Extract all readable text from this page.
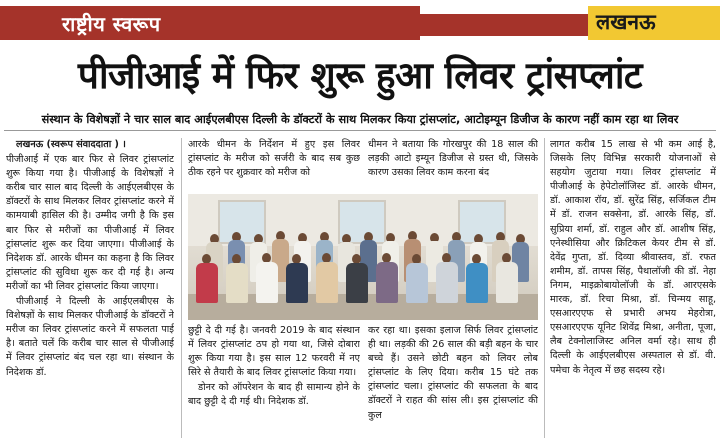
राष्ट्रीय स्वरूप	लखनऊ
पीजीआई में फिर शुरू हुआ लिवर ट्रांसप्लांट
संस्थान के विशेषज्ञों ने चार साल बाद आईएलबीएस दिल्ली के डॉक्टरों के साथ मिलकर किया ट्रांसप्लांट, आटोइम्यून डिजीज के कारण नहीं काम रहा था लिवर

लखनऊ (स्वरूप संवाददाता ) ।

पीजीआई में एक बार फिर से लिवर ट्रांसप्लांट शुरू किया गया है। पीजीआई के विशेषज्ञों ने करीब चार साल बाद दिल्ली के आईएलबीएस के डॉक्टरों के साथ मिलकर लिवर ट्रांसप्लांट करने में कामयाबी हासिल की है। उम्मीद जगी है कि इस बार फिर से मरीजों का पीजीआई में लिवर ट्रांसप्लांट शुरू कर दिया जाएगा। पीजीआई के निदेशक डॉ. आरके धीमन का कहना है कि लिवर ट्रांसप्लांट की सुविधा शुरू कर दी गई है। अन्य मरीजों का भी लिवर ट्रांसप्लांट किया जाएगा।

पीजीआई ने दिल्ली के आईएलबीएस के विशेषज्ञों के साथ मिलकर पीजीआई के डॉक्टरों ने मरीज का लिवर ट्रांसप्लांट करने में सफलता पाई है। बताते चलें कि करीब चार साल से पीजीआई में लिवर ट्रांसप्लांट बंद चल रहा था। संस्थान के निदेशक डॉ.

आरके धीमन के निर्देशन में हुए इस लिवर ट्रांसप्लांट के मरीज को सर्जरी के बाद सब कुछ ठीक रहने पर शुक्रवार को मरीज को

धीमन ने बताया कि गोरखपुर की 18 साल की लड़की आटो इम्यून डिजीज से ग्रस्त थी, जिसके कारण उसका लिवर काम करना बंद

छुट्टी दे दी गई है। जनवरी 2019 के बाद संस्थान में लिवर ट्रांसप्लांट ठप हो गया था, जिसे दोबारा शुरू किया गया है। इस साल 12 फरवरी में नए सिरे से तैयारी के बाद लिवर ट्रांसप्लांट किया गया।

डोनर को ऑपरेशन के बाद ही सामान्य होने के बाद छुट्टी दे दी गई थी। निदेशक डॉ.

कर रहा था। इसका इलाज सिर्फ लिवर ट्रांसप्लांट ही था। लड़की की 26 साल की बड़ी बहन के चार बच्चे हैं। उसने छोटी बहन को लिवर लोब ट्रांसप्लांट के लिए दिया। करीब 15 घंटे तक ट्रांसप्लांट चला। ट्रांसप्लांट की सफलता के बाद डॉक्टरों ने राहत की सांस ली। इस ट्रांसप्लांट की कुल

लागत करीब 15 लाख से भी कम आई है, जिसके लिए विभिन्न सरकारी योजनाओं से सहयोग जुटाया गया। लिवर ट्रांसप्लांट में पीजीआई के हेपेटोलॉजिस्ट डॉ. आरके धीमन, डॉ. आकाश रॉय, डॉ. सुरेंद्र सिंह, सर्जिकल टीम में डॉ. राजन सक्सेना, डॉ. आरके सिंह, डॉ. सुप्रिया शर्मा, डॉ. राहुल और डॉ. आशीष सिंह, एनेस्थीसिया और क्रिटिकल केयर टीम से डॉ. देवेंद्र गुप्ता, डॉ. दिव्या श्रीवास्तव, डॉ. रफत शमीम, डॉ. तापस सिंह, पैथालॉजी की डॉ. नेहा निगम, माइक्रोबायोलॉजी के डॉ. आरएसके मारक, डॉ. रिचा मिश्रा, डॉ. चिन्मय साहू, एसआरएएफ से प्रभारी अभय मेहरोत्रा, एसआरएएफ यूनिट शिवेंद्र मिश्रा, अनीता, पूजा, लैब टेक्नोलाजिस्ट अनिल वर्मा रहे। साथ ही दिल्ली के आईएलबीएस अस्पताल से डॉ. वी. पमेचा के नेतृत्व में छह सदस्य रहे।
